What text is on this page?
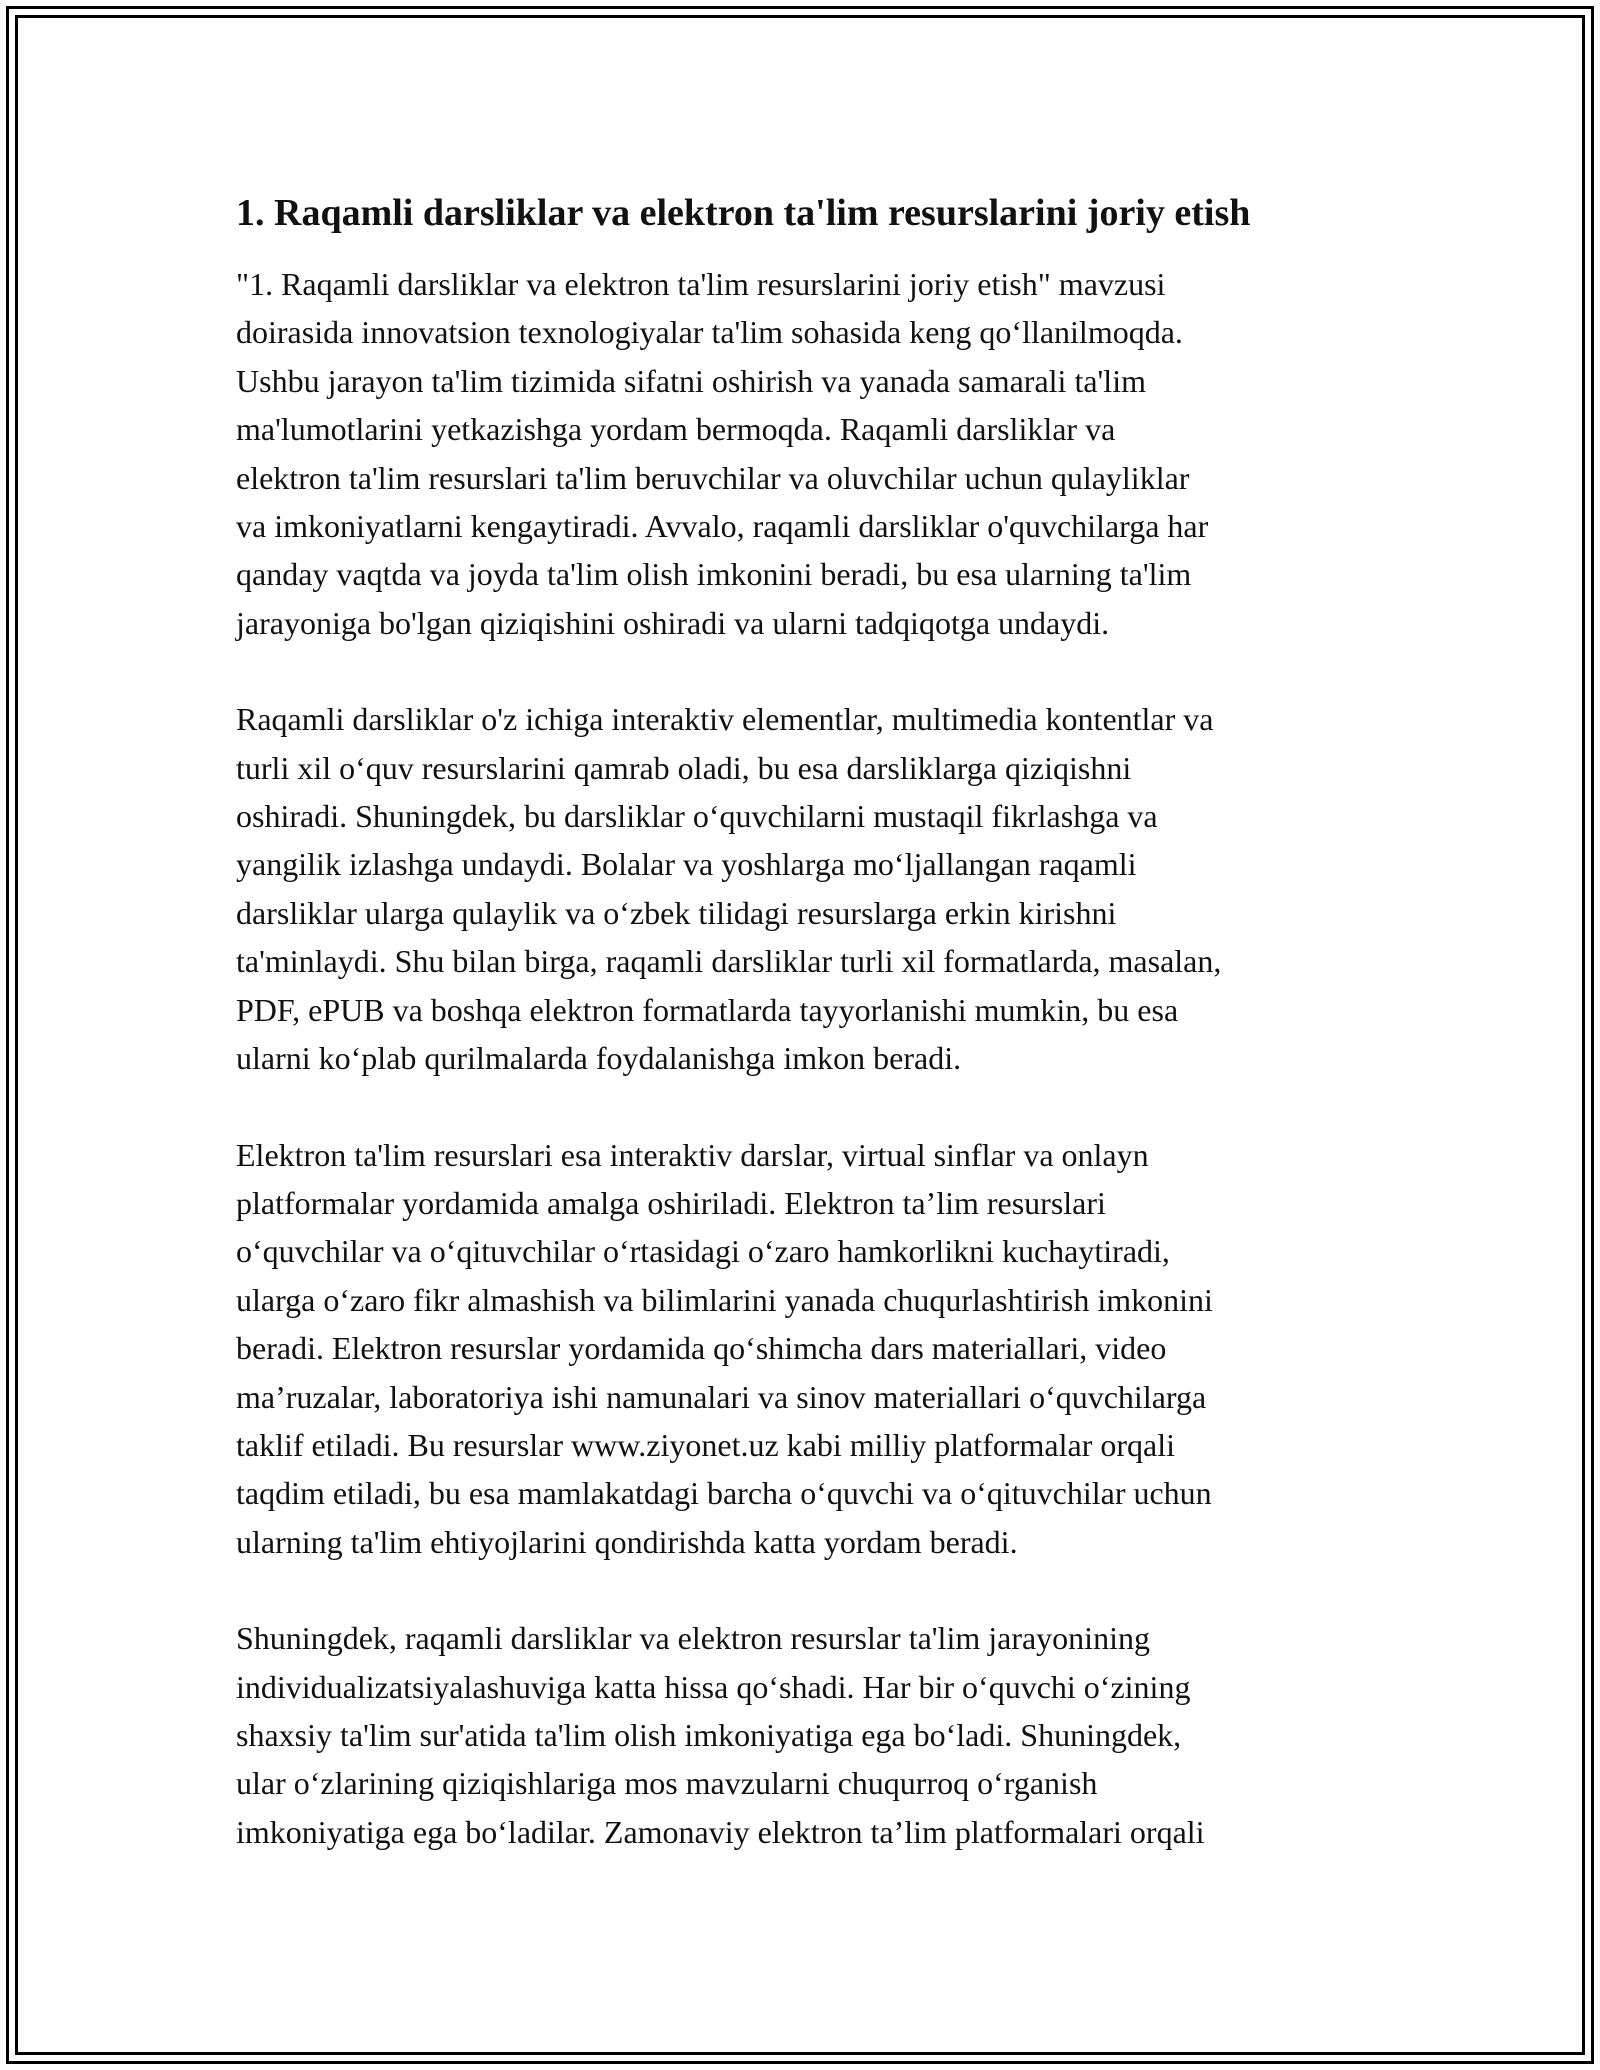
1. Raqamli darsliklar va elektron ta'lim resurslarini joriy etish

"1. Raqamli darsliklar va elektron ta'lim resurslarini joriy etish" mavzusi
doirasida innovatsion texnologiyalar ta'lim sohasida keng qo‘llanilmoqda.
Ushbu jarayon ta'lim tizimida sifatni oshirish va yanada samarali ta'lim
ma'lumotlarini yetkazishga yordam bermoqda. Raqamli darsliklar va
elektron ta'lim resurslari ta'lim beruvchilar va oluvchilar uchun qulayliklar
va imkoniyatlarni kengaytiradi. Avvalo, raqamli darsliklar o'quvchilarga har
qanday vaqtda va joyda ta'lim olish imkonini beradi, bu esa ularning ta'lim
jarayoniga bo'lgan qiziqishini oshiradi va ularni tadqiqotga undaydi.

Raqamli darsliklar o'z ichiga interaktiv elementlar, multimedia kontentlar va
turli xil o‘quv resurslarini qamrab oladi, bu esa darsliklarga qiziqishni
oshiradi. Shuningdek, bu darsliklar o‘quvchilarni mustaqil fikrlashga va
yangilik izlashga undaydi. Bolalar va yoshlarga mo‘ljallangan raqamli
darsliklar ularga qulaylik va o‘zbek tilidagi resurslarga erkin kirishni
ta'minlaydi. Shu bilan birga, raqamli darsliklar turli xil formatlarda, masalan,
PDF, ePUB va boshqa elektron formatlarda tayyorlanishi mumkin, bu esa
ularni ko‘plab qurilmalarda foydalanishga imkon beradi.

Elektron ta'lim resurslari esa interaktiv darslar, virtual sinflar va onlayn
platformalar yordamida amalga oshiriladi. Elektron ta’lim resurslari
o‘quvchilar va o‘qituvchilar o‘rtasidagi o‘zaro hamkorlikni kuchaytiradi,
ularga o‘zaro fikr almashish va bilimlarini yanada chuqurlashtirish imkonini
beradi. Elektron resurslar yordamida qo‘shimcha dars materiallari, video
ma’ruzalar, laboratoriya ishi namunalari va sinov materiallari o‘quvchilarga
taklif etiladi. Bu resurslar www.ziyonet.uz kabi milliy platformalar orqali
taqdim etiladi, bu esa mamlakatdagi barcha o‘quvchi va o‘qituvchilar uchun
ularning ta'lim ehtiyojlarini qondirishda katta yordam beradi.

Shuningdek, raqamli darsliklar va elektron resurslar ta'lim jarayonining
individualizatsiyalashuviga katta hissa qo‘shadi. Har bir o‘quvchi o‘zining
shaxsiy ta'lim sur'atida ta'lim olish imkoniyatiga ega bo‘ladi. Shuningdek,
ular o‘zlarining qiziqishlariga mos mavzularni chuqurroq o‘rganish
imkoniyatiga ega bo‘ladilar. Zamonaviy elektron ta’lim platformalari orqali
